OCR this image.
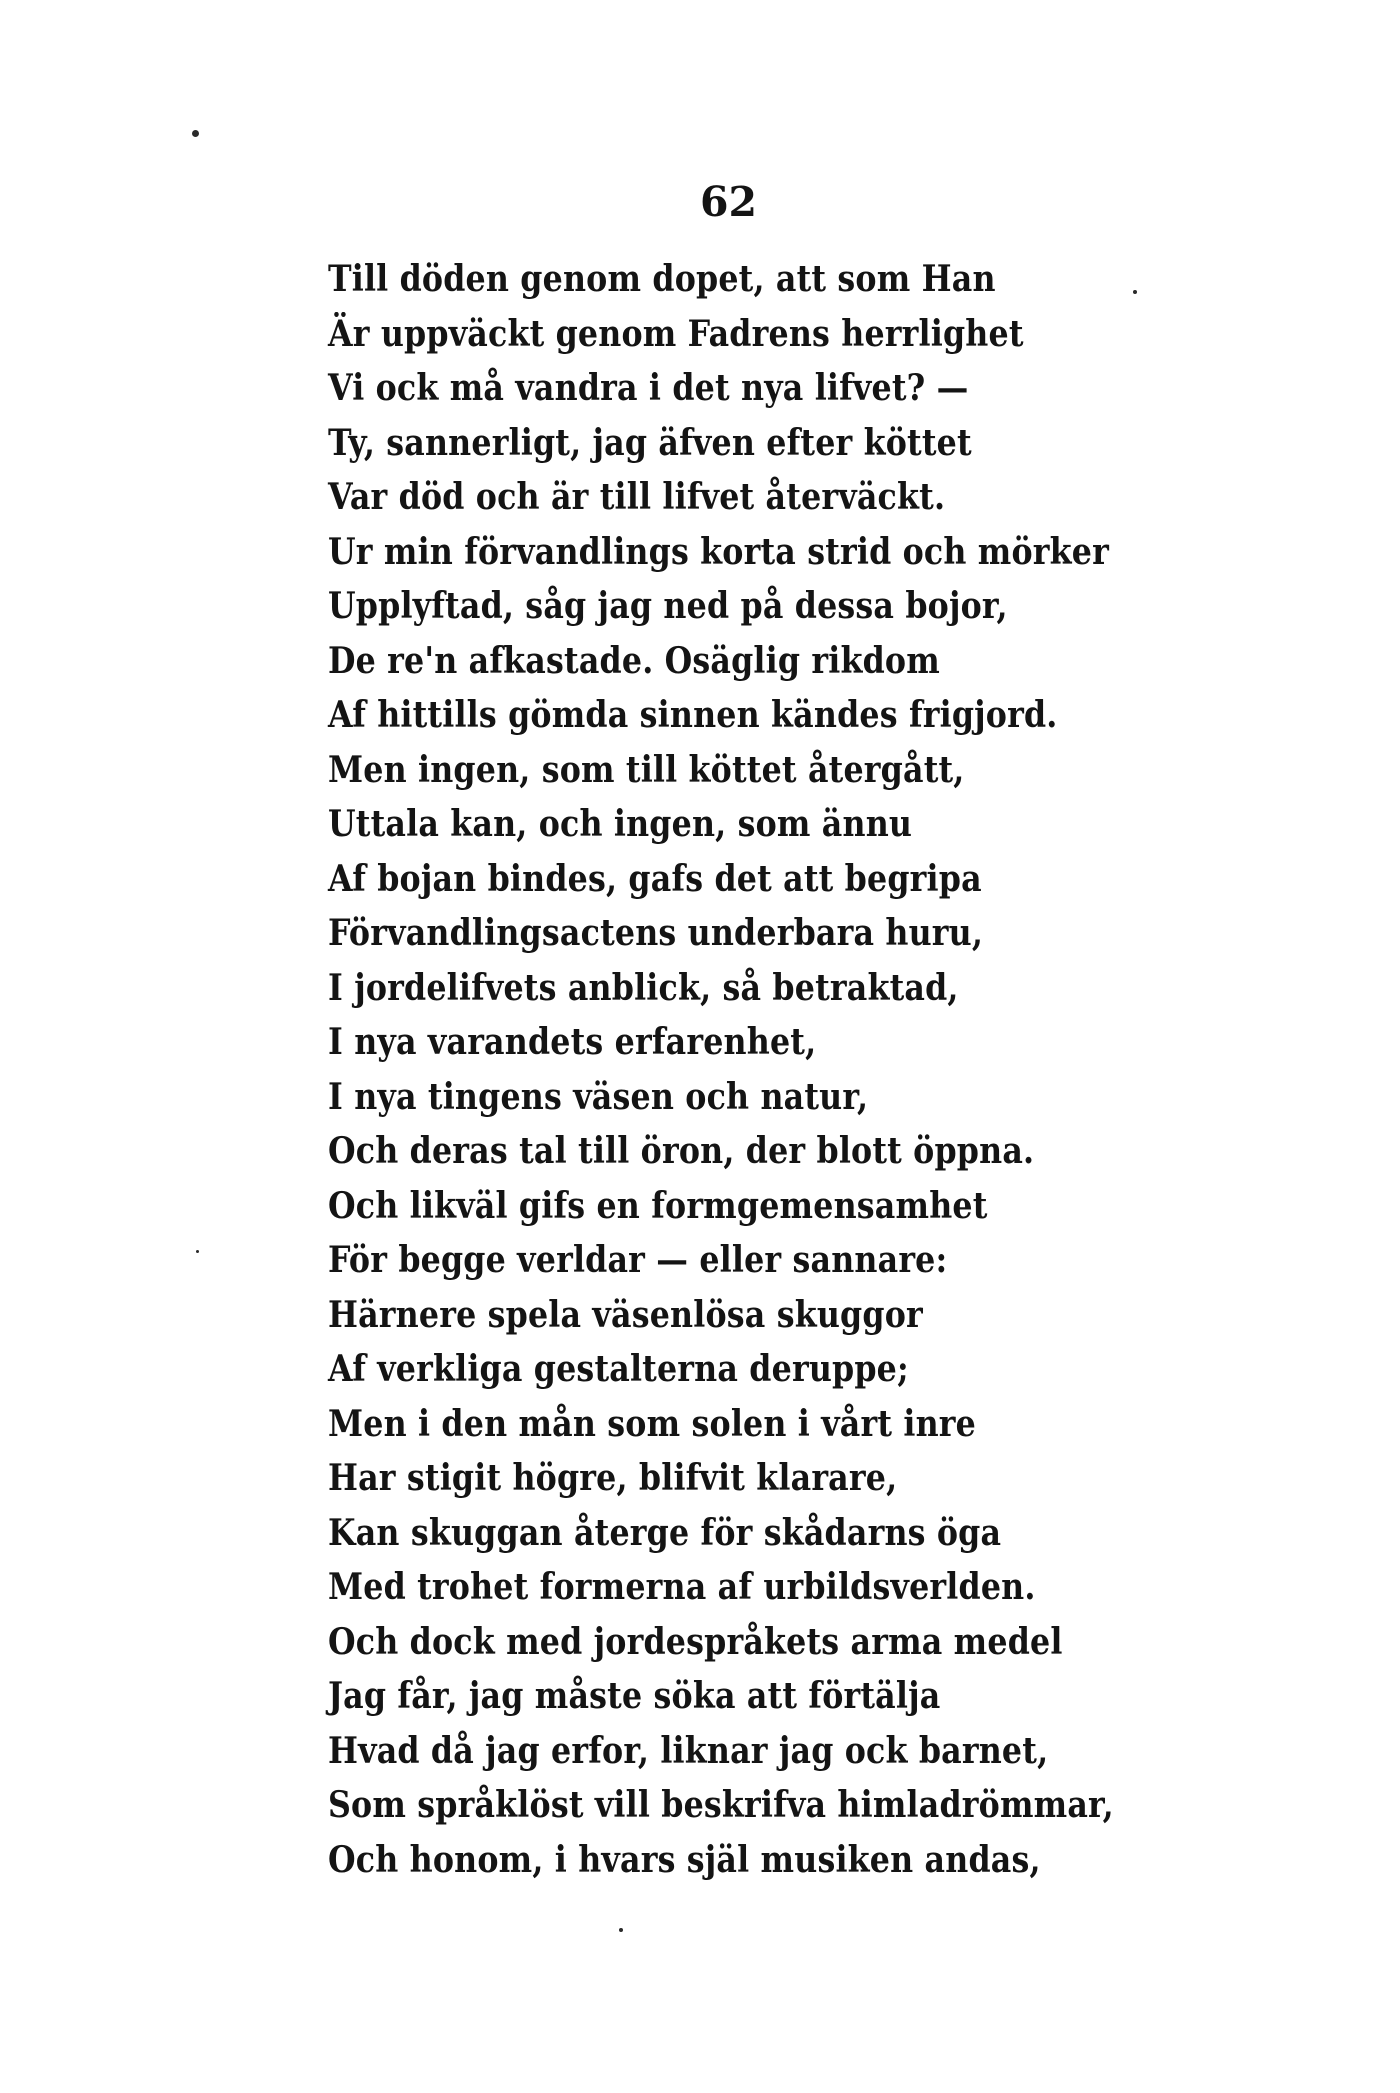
62
Till döden genom dopet, att som Han
Är uppväckt genom Fadrens herrlighet
Vi ock må vandra i det nya lifvet? —
Ty, sannerligt, jag äfven efter köttet
Var död och är till lifvet återväckt.
Ur min förvandlings korta strid och mörker
Upplyftad, såg jag ned på dessa bojor,
De re'n afkastade. Osäglig rikdom
Af hittills gömda sinnen kändes frigjord.
Men ingen, som till köttet återgått,
Uttala kan, och ingen, som ännu
Af bojan bindes, gafs det att begripa
Förvandlingsactens underbara huru,
I jordelifvets anblick, så betraktad,
I nya varandets erfarenhet,
I nya tingens väsen och natur,
Och deras tal till öron, der blott öppna.
Och likväl gifs en formgemensamhet
För begge verldar — eller sannare:
Härnere spela väsenlösa skuggor
Af verkliga gestalterna deruppe;
Men i den mån som solen i vårt inre
Har stigit högre, blifvit klarare,
Kan skuggan återge för skådarns öga
Med trohet formerna af urbildsverlden.
Och dock med jordespråkets arma medel
Jag får, jag måste söka att förtälja
Hvad då jag erfor, liknar jag ock barnet,
Som språklöst vill beskrifva himladrömmar,
Och honom, i hvars själ musiken andas,
